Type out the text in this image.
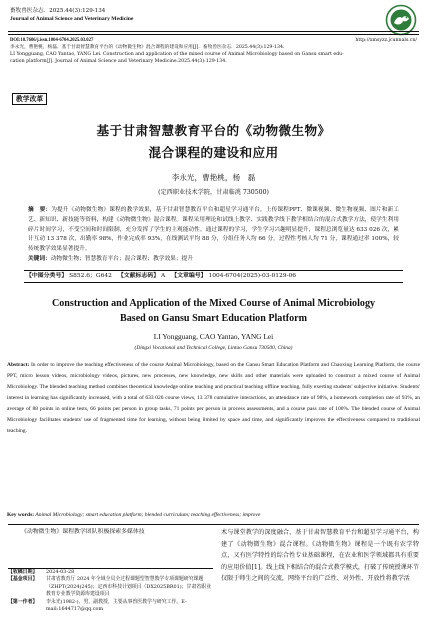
畜牧兽医杂志．2025.44(3):129-134
Journal of Animal Science and Veterinary Medicine
DOI:10.7606/j.issn.1004-6704.2025.03.027	http://xmsyzz.jcunnals.cn/
李永光，曹艳桃，杨磊．基于甘肃智慧教育平台的《动物微生物》混合课程的建设和应用[J]．畜牧兽医杂志．2025.44(3):129-134.
LI Yongguang, CAO Yantao, YANG Lei. Construction and application of the mixed course of Animal Microbiology based on Gansu smart edu-
cation platform[J]. Journal of Animal Science and Veterinary Medicine.2025.44(3):129-134.
教学改革
基于甘肃智慧教育平台的《动物微生物》
混合课程的建设和应用
李永光，曹艳桃，杨　磊
(定西职业技术学院，甘肃临洮 730500)
摘　要：为提升《动物微生物》课程的教学效果，基于甘肃智慧教育平台和超星学习通平台，上传课程PPT、微课视频、微生物视频、图片和新工艺、新知识、新技能等资料，构建《动物微生物》混合课程。课程采用理论和试线上教学、实践教学线下教学相结合的混合式教学方法，使学生利用碎片时间学习，不受空间和时间限制，充分发挥了学生的主观能动性。通过课程的学习，学生学习兴趣明显提升，课程总浏览量达 633 026 次，累计互动 13 378 次，出勤率 98%，作业完成率 93%，在线测试平均 88 分，分组任务人均 66 分，过程性考核人均 71 分，课程通过率 100%，较传统教学效果显著提升。
关键词：动物微生物；智慧教育平台；混合课程；教学效果；提升
【中图分类号】 S852.6；G642 【文献标志码】 A 【文章编号】 1004-6704(2025)-03-0129-06
Construction and Application of the Mixed Course of Animal Microbiology
Based on Gansu Smart Education Platform
LI Yongguang, CAO Yantao, YANG Lei
(Dingxi Vocational and Technical College, Lintao Gansu 730500, China)
Abstract: In order to improve the teaching effectiveness of the course Animal Microbiology, based on the Gansu Smart Education Platform and Chaoxing Learning Platform, the course PPT, micro lesson videos, microbiology videos, pictures, new processes, new knowledge, new skills and other materials were uploaded to construct a mixed course of Animal Microbiology. The blended teaching method combines theoretical knowledge online teaching and practical teaching offline teaching, fully exerting students' subjective initiative. Students' interest in learning has significantly increased, with a total of 633 026 course views, 13 378 cumulative interactions, an attendance rate of 98%, a homework completion rate of 93%, an average of 88 points in online tests, 66 points per person in group tasks, 71 points per person in process assessments, and a course pass rate of 100%. The blended course of Animal Microbiology facilitates students' use of fragmented time for learning, without being limited by space and time, and significantly improves the effectiveness compared to traditional teaching.
Key words: Animal Microbiology; smart education platform; blended curriculum; teaching effectiveness; improve
《动物微生物》课程教学团队积极探索多媒体技
【收稿日期】	2024-03-28
【基金项目】	甘肃省教育厅 2024 年全域全员全过程课题型智慧教学专项课题研究课题（ZHPT(2024)245)；定西市科技计划项目（DX2025BR01)；甘肃省职业教育专业教学资源库建设项目
【第一作者】	李永光(1982-)，男，副教授，主要从事兽医教学与研究工作。E-mail:1644717@qq.com
术与课堂教学的深度融合，基于甘肃智慧教育平台和超星学习通平台，构建了《动物微生物》混合课程。《动物微生物》课程是一个既有农学特点，又有医学特性的综合性专业基础课程，在农业和医学领域都具有重要的应用价值[1]。线上线下相结合的混合式教学模式，打破了传统授课环节仅限于师生之间的交流，网络平台的广泛性、对外性、开放性将教学活
